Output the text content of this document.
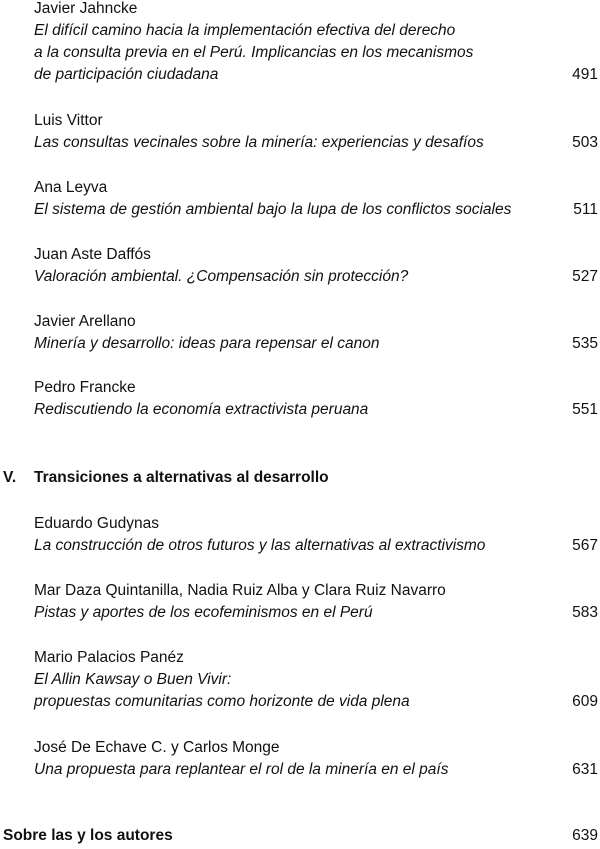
Javier Jahncke
El difícil camino hacia la implementación efectiva del derecho
a la consulta previa en el Perú. Implicancias en los mecanismos
de participación ciudadana	491
Luis Vittor
Las consultas vecinales sobre la minería: experiencias y desafíos	503
Ana Leyva
El sistema de gestión ambiental bajo la lupa de los conflictos sociales	511
Juan Aste Daffós
Valoración ambiental. ¿Compensación sin protección?	527
Javier Arellano
Minería y desarrollo: ideas para repensar el canon	535
Pedro Francke
Rediscutiendo la economía extractivista peruana	551
V. Transiciones a alternativas al desarrollo
Eduardo Gudynas
La construcción de otros futuros y las alternativas al extractivismo	567
Mar Daza Quintanilla, Nadia Ruiz Alba y Clara Ruiz Navarro
Pistas y aportes de los ecofeminismos en el Perú	583
Mario Palacios Panéz
El Allin Kawsay o Buen Vivir:
propuestas comunitarias como horizonte de vida plena	609
José De Echave C. y Carlos Monge
Una propuesta para replantear el rol de la minería en el país	631
Sobre las y los autores	639
